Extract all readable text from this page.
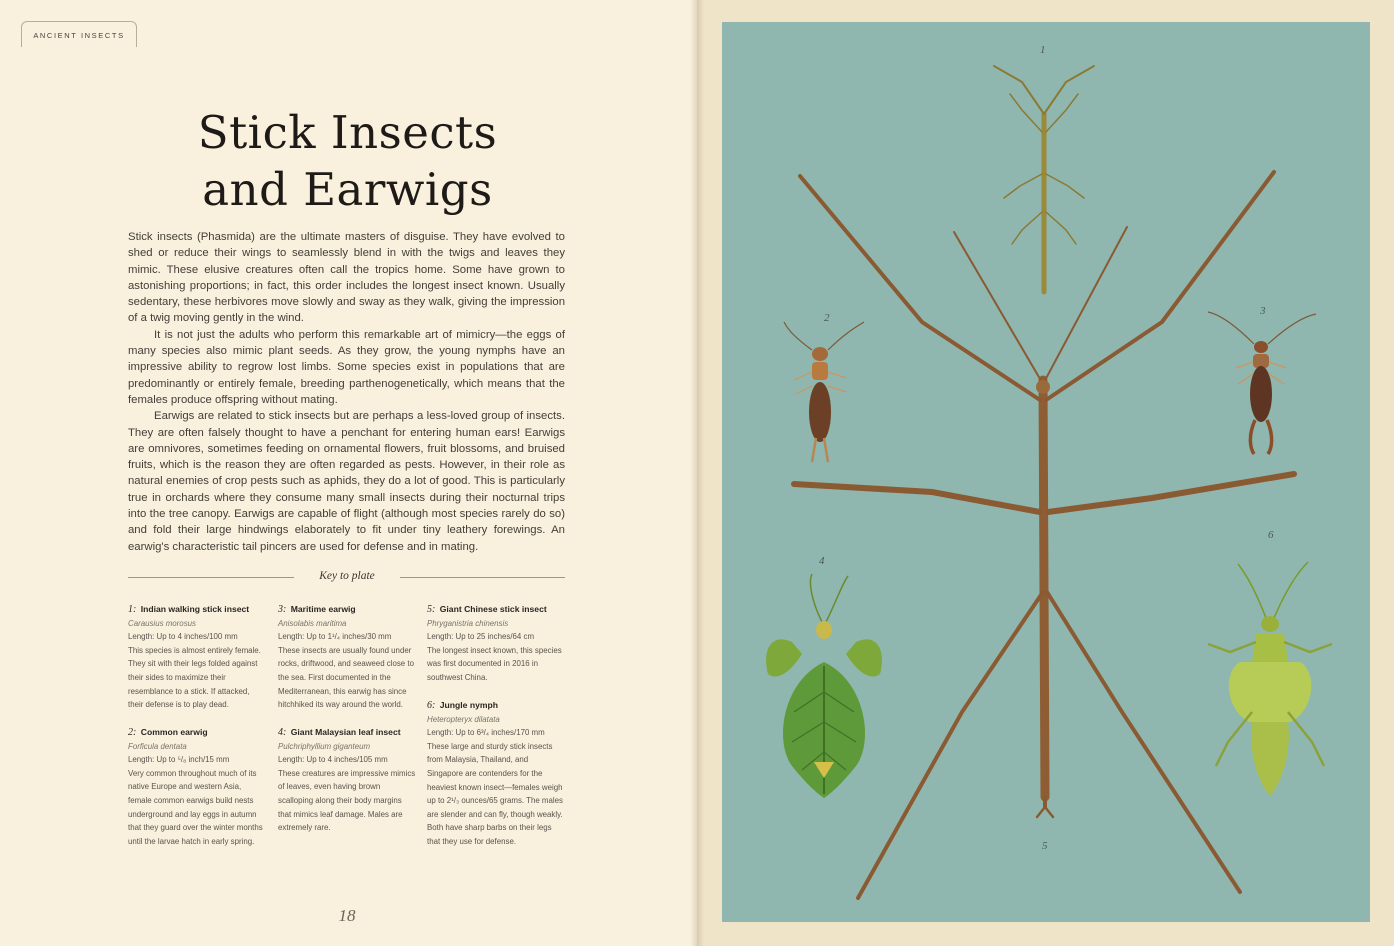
ANCIENT INSECTS
Stick Insects
and Earwigs

Stick insects (Phasmida) are the ultimate masters of disguise. They have evolved to shed or reduce their wings to seamlessly blend in with the twigs and leaves they mimic. These elusive creatures often call the tropics home. Some have grown to astonishing proportions; in fact, this order includes the longest insect known. Usually sedentary, these herbivores move slowly and sway as they walk, giving the impression of a twig moving gently in the wind.

It is not just the adults who perform this remarkable art of mimicry—the eggs of many species also mimic plant seeds. As they grow, the young nymphs have an impressive ability to regrow lost limbs. Some species exist in populations that are predominantly or entirely female, breeding parthenogenetically, which means that the females produce offspring without mating.

Earwigs are related to stick insects but are perhaps a less-loved group of insects. They are often falsely thought to have a penchant for entering human ears! Earwigs are omnivores, sometimes feeding on ornamental flowers, fruit blossoms, and bruised fruits, which is the reason they are often regarded as pests. However, in their role as natural enemies of crop pests such as aphids, they do a lot of good. This is particularly true in orchards where they consume many small insects during their nocturnal trips into the tree canopy. Earwigs are capable of flight (although most species rarely do so) and fold their large hindwings elaborately to fit under tiny leathery forewings. An earwig's characteristic tail pincers are used for defense and in mating.

Key to plate
1: Indian walking stick insect
Carausius morosus
Length: Up to 4 inches/100 mm
This species is almost entirely female. They sit with their legs folded against their sides to maximize their resemblance to a stick. If attacked, their defense is to play dead.
2: Common earwig
Forficula dentata
Length: Up to ⁵/₈ inch/15 mm
Very common throughout much of its native Europe and western Asia, female common earwigs build nests underground and lay eggs in autumn that they guard over the winter months until the larvae hatch in early spring.
3: Maritime earwig
Anisolabis maritima
Length: Up to 1¹/₄ inches/30 mm
These insects are usually found under rocks, driftwood, and seaweed close to the sea. First documented in the Mediterranean, this earwig has since hitchhiked its way around the world.
4: Giant Malaysian leaf insect
Pulchriphyllium giganteum
Length: Up to 4 inches/105 mm
These creatures are impressive mimics of leaves, even having brown scalloping along their body margins that mimics leaf damage. Males are extremely rare.
5: Giant Chinese stick insect
Phryganistria chinensis
Length: Up to 25 inches/64 cm
The longest insect known, this species was first documented in 2016 in southwest China.
6: Jungle nymph
Heteropteryx dilatata
Length: Up to 6³/₄ inches/170 mm
These large and sturdy stick insects from Malaysia, Thailand, and Singapore are contenders for the heaviest known insect—females weigh up to 2¹/₃ ounces/65 grams. The males are slender and can fly, though weakly. Both have sharp barbs on their legs that they use for defense.
18
1
2
3
4
5
6
